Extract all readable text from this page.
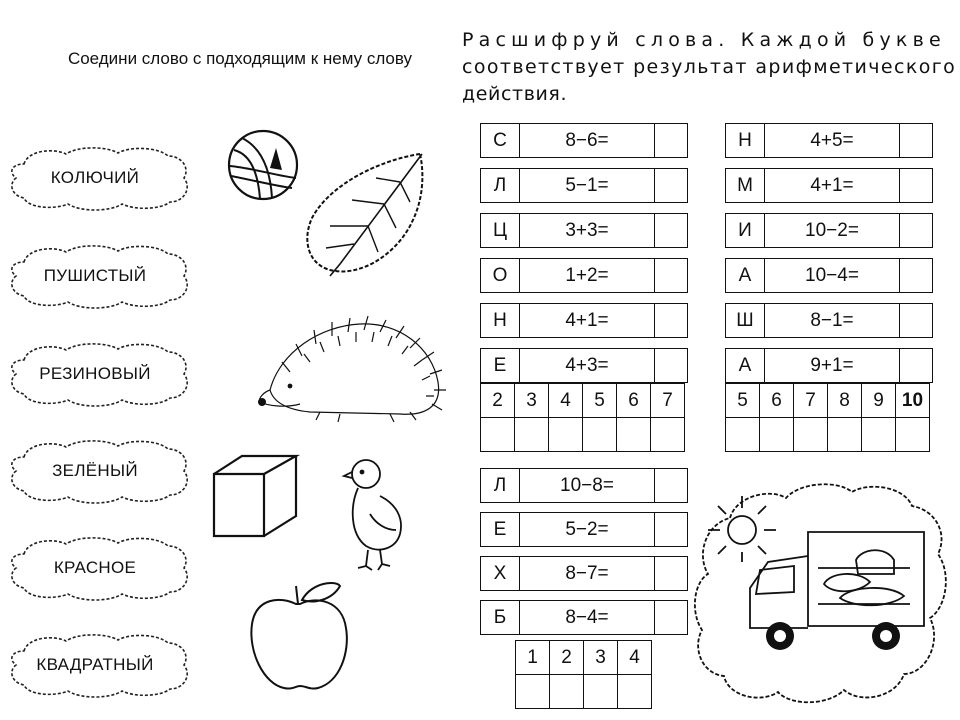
Соедини слово с подходящим к нему слову
Расшифруй слова. Каждой букве
соответствует результат арифметического
действия.
КОЛЮЧИЙ
ПУШИСТЫЙ
РЕЗИНОВЫЙ
ЗЕЛЁНЫЙ
КРАСНОЕ
КВАДРАТНЫЙ
С	8−6=	

Л	5−1=	

Ц	3+3=	

О	1+2=	

Н	4+1=	

Е	4+3=	
2	3	4	5	6	7

Н	4+5=	

М	4+1=	

И	10−2=	

А	10−4=	

Ш	8−1=	

А	9+1=	
5	6	7	8	9	10

Л	10−8=	

Е	5−2=	

Х	8−7=	

Б	8−4=	
1	2	3	4
